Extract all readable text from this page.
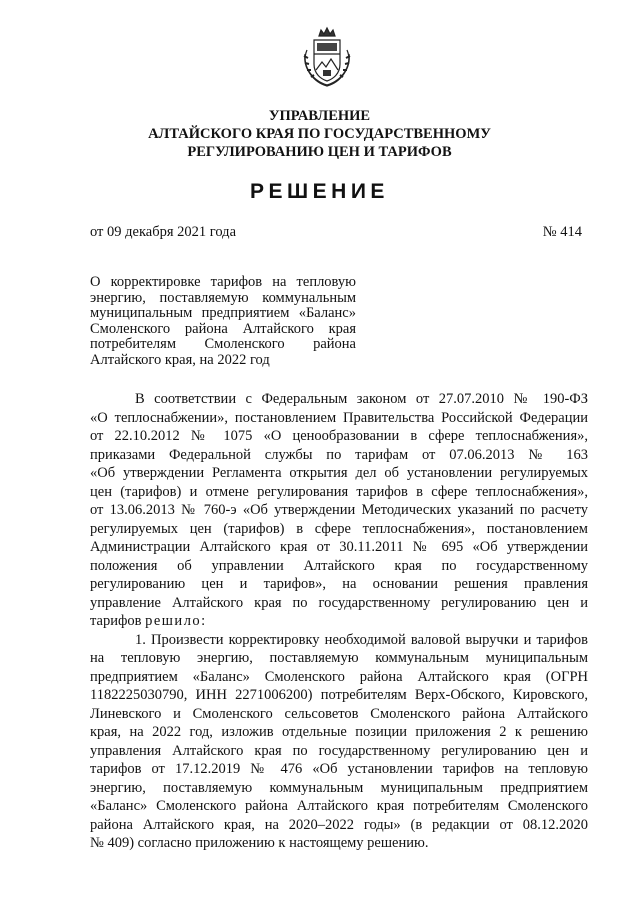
УПРАВЛЕНИЕ
АЛТАЙСКОГО КРАЯ ПО ГОСУДАРСТВЕННОМУ
РЕГУЛИРОВАНИЮ ЦЕН И ТАРИФОВ
РЕШЕНИЕ
от 09 декабря 2021 года	№ 414
О корректировке тарифов на тепловую
энергию, поставляемую коммунальным
муниципальным предприятием «Баланс»
Смоленского района Алтайского края
потребителям Смоленского района
Алтайского края, на 2022 год
В соответствии с Федеральным законом от 27.07.2010 № 190-ФЗ
«О теплоснабжении», постановлением Правительства Российской Федерации
от 22.10.2012 № 1075 «О ценообразовании в сфере теплоснабжения»,
приказами Федеральной службы по тарифам от 07.06.2013 № 163
«Об утверждении Регламента открытия дел об установлении регулируемых
цен (тарифов) и отмене регулирования тарифов в сфере теплоснабжения»,
от 13.06.2013 № 760-э «Об утверждении Методических указаний по расчету
регулируемых цен (тарифов) в сфере теплоснабжения», постановлением
Администрации Алтайского края от 30.11.2011 № 695 «Об утверждении
положения об управлении Алтайского края по государственному
регулированию цен и тарифов», на основании решения правления
управление Алтайского края по государственному регулированию цен и
тарифов решило:
1. Произвести корректировку необходимой валовой выручки и тарифов
на тепловую энергию, поставляемую коммунальным муниципальным
предприятием «Баланс» Смоленского района Алтайского края (ОГРН
1182225030790, ИНН 2271006200) потребителям Верх-Обского, Кировского,
Линевского и Смоленского сельсоветов Смоленского района Алтайского
края, на 2022 год, изложив отдельные позиции приложения 2 к решению
управления Алтайского края по государственному регулированию цен и
тарифов от 17.12.2019 № 476 «Об установлении тарифов на тепловую
энергию, поставляемую коммунальным муниципальным предприятием
«Баланс» Смоленского района Алтайского края потребителям Смоленского
района Алтайского края, на 2020–2022 годы» (в редакции от 08.12.2020
№ 409) согласно приложению к настоящему решению.
